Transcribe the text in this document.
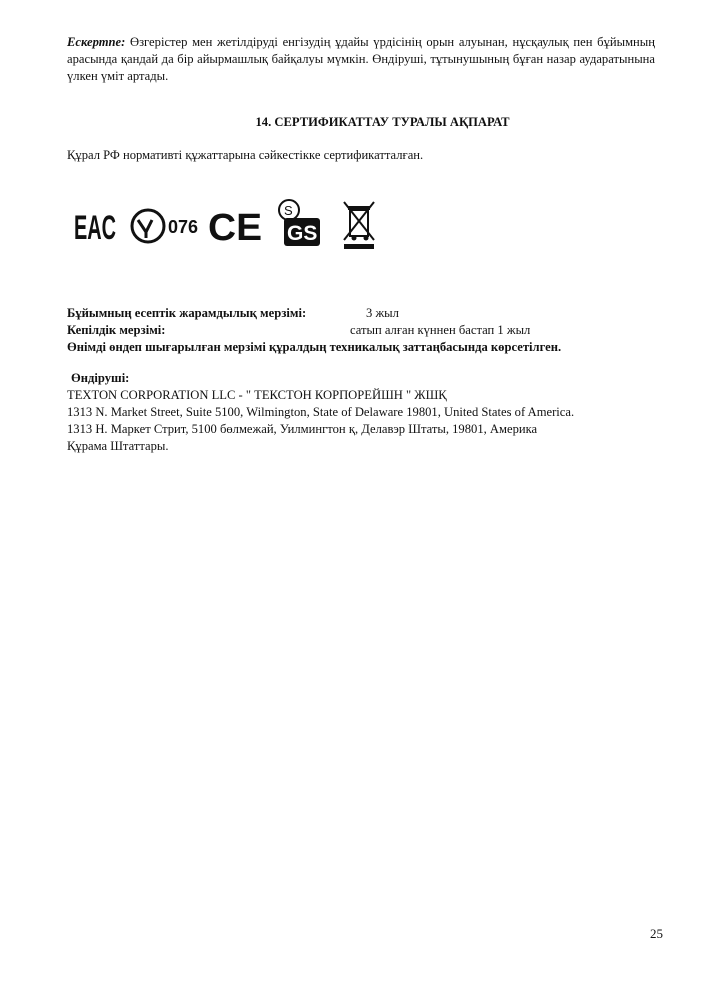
Ескертпе: Өзгерістер мен жетілдіруді енгізудің ұдайы үрдісінің орын алуынан, нұсқаулық пен бұйымның арасында қандай да бір айырмашлық байқалуы мүмкін. Өндіруші, тұтынушының бұған назар аударатынына үлкен үміт артады.
14. СЕРТИФИКАТТАУ ТУРАЛЫ АҚПАРАТ
Құрал РФ нормативті құжаттарына сәйкестікке сертификатталған.
EAC	076 CE S
GS
Бұйымның есептік жарамдылық мерзімі:	3 жыл
Кепілдік мерзімі:	сатып алған күннен бастап 1 жыл
Өнімді өндеп шығарылған мерзімі құралдың техникалық заттаңбасында көрсетілген.
Өндіруші:
TEXTON CORPORATION LLC - " ТЕКСТОН КОРПОРЕЙШН " ЖШҚ
1313 N. Market Street, Suite 5100, Wilmington, State of Delaware 19801, United States of America.
1313 Н. Маркет Стрит, 5100 бөлмежай, Уилмингтон қ, Делавэр Штаты, 19801, Америка
Құрама Штаттары.
25
